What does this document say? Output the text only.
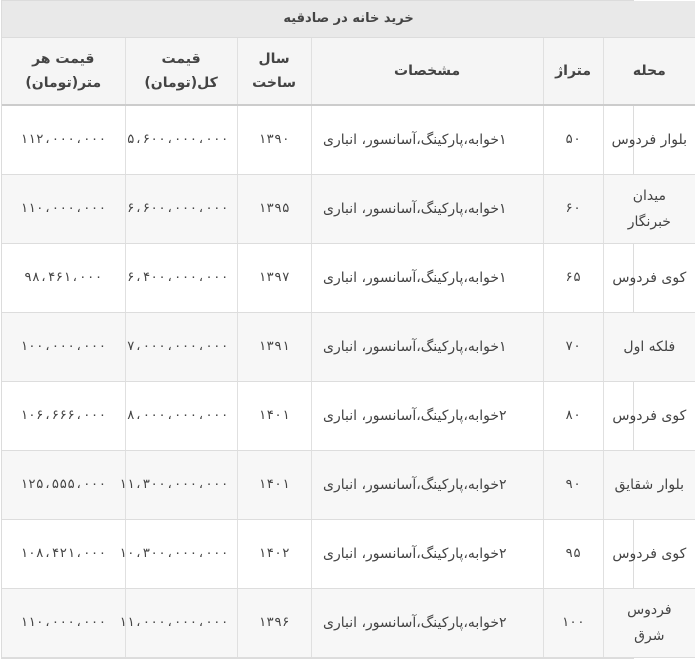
خرید خانه در صادقیه					
محله	متراژ	مشخصات	سال ساخت	قیمت کل(تومان)	قیمت هر متر(تومان)
بلوار فردوس	۵۰	۱خوابه،پارکینگ،آسانسور، انباری	۱۳۹۰	۵،۶۰۰،۰۰۰،۰۰۰	۱۱۲،۰۰۰،۰۰۰
میدان خبرنگار	۶۰	۱خوابه،پارکینگ،آسانسور، انباری	۱۳۹۵	۶،۶۰۰،۰۰۰،۰۰۰	۱۱۰،۰۰۰،۰۰۰
کوی فردوس	۶۵	۱خوابه،پارکینگ،آسانسور، انباری	۱۳۹۷	۶،۴۰۰،۰۰۰،۰۰۰	۹۸،۴۶۱،۰۰۰
فلکه اول	۷۰	۱خوابه،پارکینگ،آسانسور، انباری	۱۳۹۱	۷،۰۰۰،۰۰۰،۰۰۰	۱۰۰،۰۰۰،۰۰۰
کوی فردوس	۸۰	۲خوابه،پارکینگ،آسانسور، انباری	۱۴۰۱	۸،۰۰۰،۰۰۰،۰۰۰	۱۰۶،۶۶۶،۰۰۰
بلوار شقایق	۹۰	۲خوابه،پارکینگ،آسانسور، انباری	۱۴۰۱	۱۱،۳۰۰،۰۰۰،۰۰۰	۱۲۵،۵۵۵،۰۰۰
کوی فردوس	۹۵	۲خوابه،پارکینگ،آسانسور، انباری	۱۴۰۲	۱۰،۳۰۰،۰۰۰،۰۰۰	۱۰۸،۴۲۱،۰۰۰
فردوس شرق	۱۰۰	۲خوابه،پارکینگ،آسانسور، انباری	۱۳۹۶	۱۱،۰۰۰،۰۰۰،۰۰۰	۱۱۰،۰۰۰،۰۰۰
